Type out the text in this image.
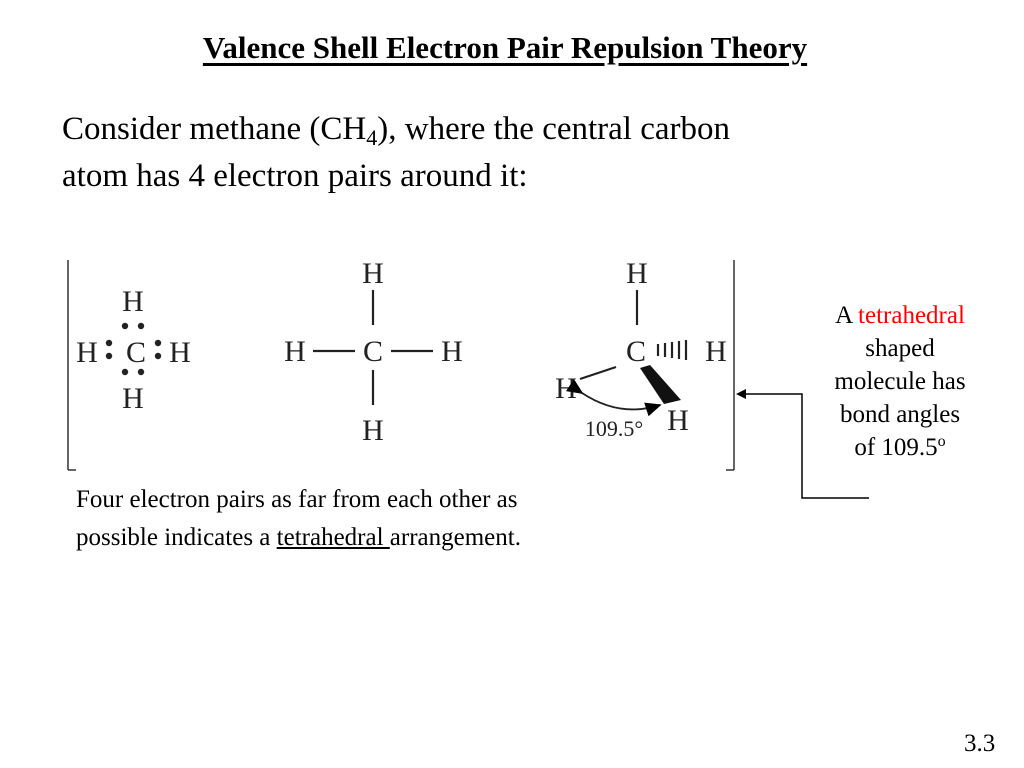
Valence Shell Electron Pair Repulsion Theory
Consider methane $(CH_4)$, where the central carbon
atom has 4 electron pairs around it:
H
H C H
H
H
H C H
H
H
C H
H
H
109.5°
Four electron pairs as far from each other as
possible indicates a tetrahedral arrangement.
A tetrahedral
shaped
molecule has
bond angles
of 109.5$^o$
3.3
